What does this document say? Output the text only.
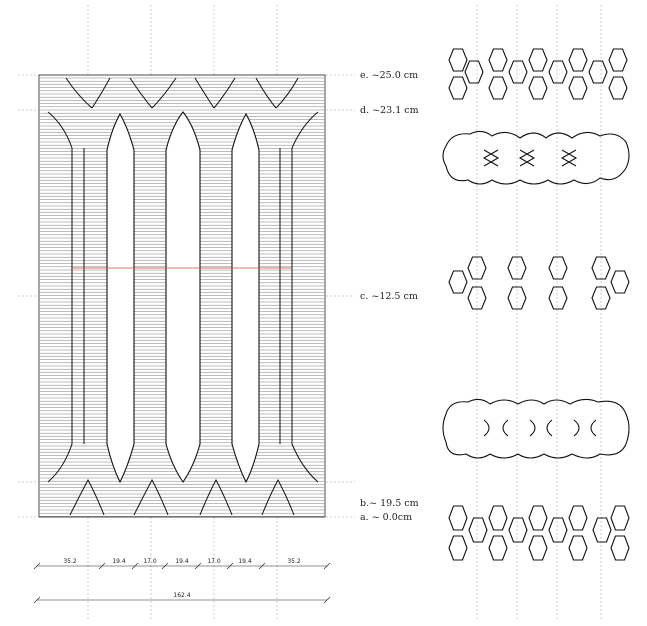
e. ~25.0 cm
d. ~23.1 cm
c. ~12.5 cm
b.~ 19.5 cm
a. ~ 0.0cm
35.2	19.4	17.0	19.4	17.0	19.4	35.2
162.4
